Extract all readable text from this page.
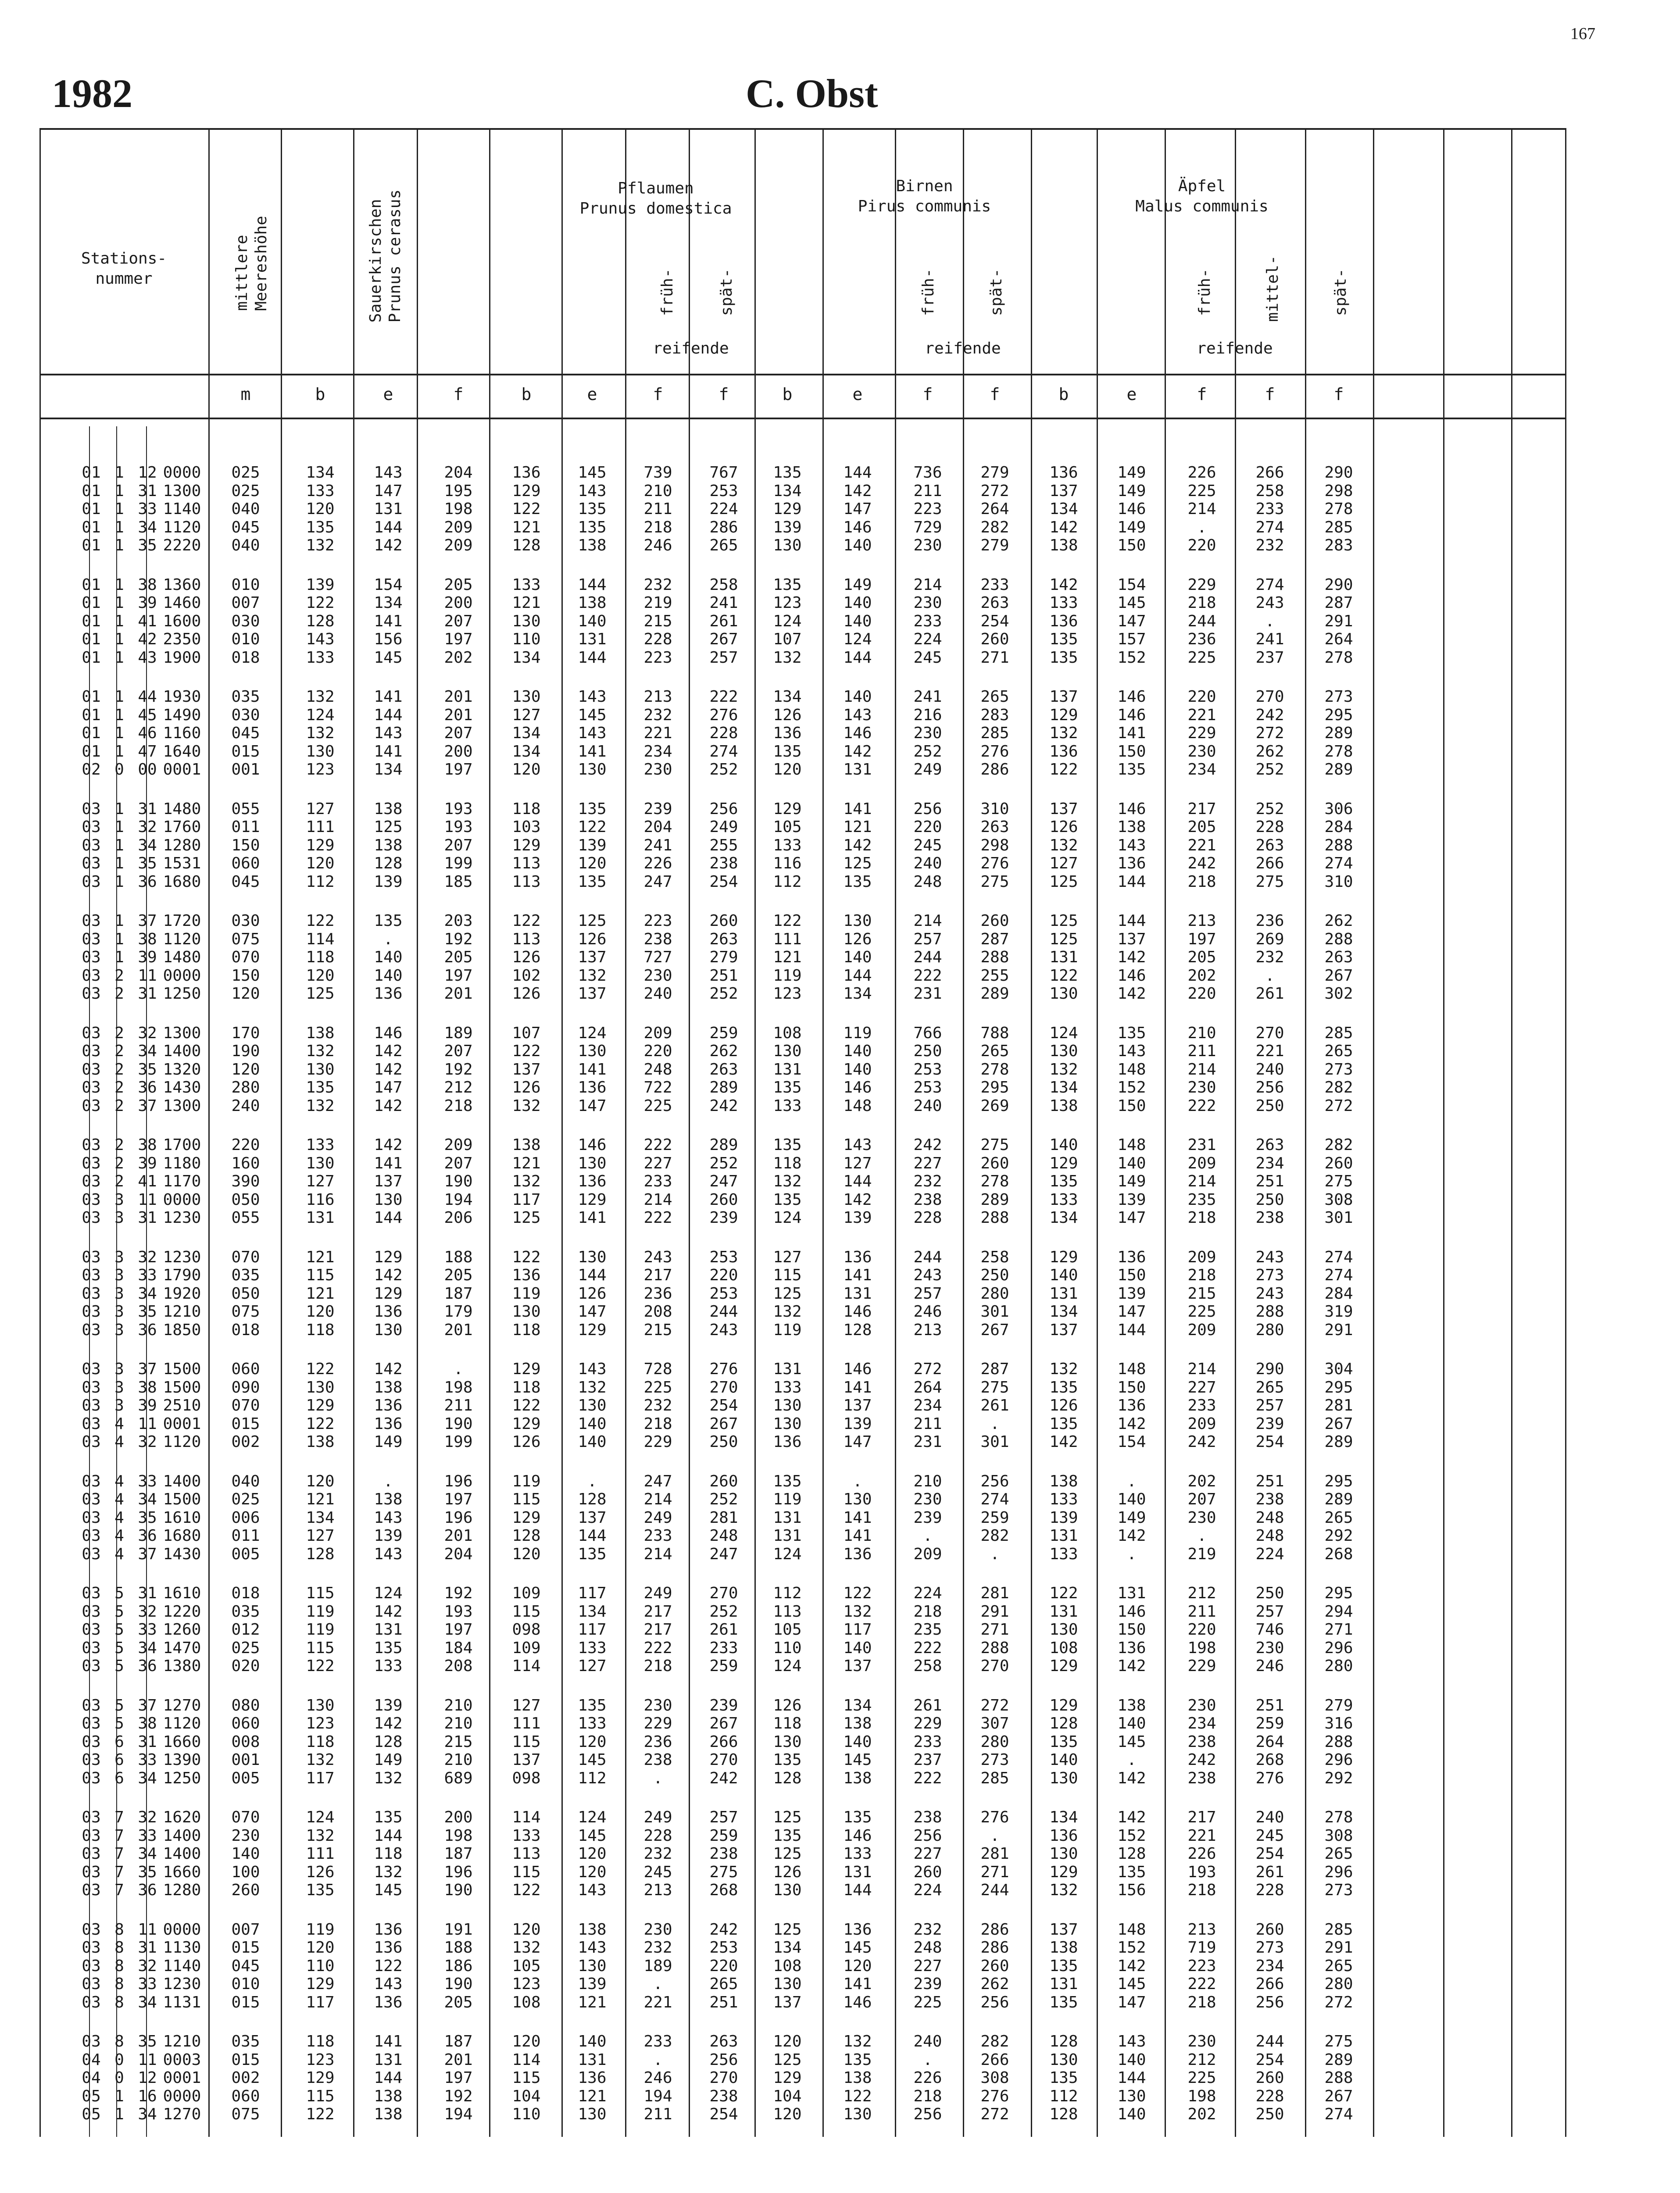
167
1982	C. Obst
Stations-
nummer	mittlere
Meereshöhe	Sauerkirschen
Prunus cerasus
Pflaumen
Prunus domestica
Birnen
Pirus communis
Äpfel
Malus communis
früh-	spät-	früh-	spät-	früh-	mittel-	spät-
reifende	reifende	reifende
m	b	e	f	b	e	f	f	b	e	f	f	b	e	f	f	f
01 1 12 0000	025	134	143	204	136	145	739	767	135	144	736	279	136	149	226	266	290
01 1 31 1300	025	133	147	195	129	143	210	253	134	142	211	272	137	149	225	258	298
01 1 33 1140	040	120	131	198	122	135	211	224	129	147	223	264	134	146	214	233	278
01 1 34 1120	045	135	144	209	121	135	218	286	139	146	729	282	142	149	.	274	285
01 1 35 2220	040	132	142	209	128	138	246	265	130	140	230	279	138	150	220	232	283
01 1 38 1360	010	139	154	205	133	144	232	258	135	149	214	233	142	154	229	274	290
01 1 39 1460	007	122	134	200	121	138	219	241	123	140	230	263	133	145	218	243	287
01 1 41 1600	030	128	141	207	130	140	215	261	124	140	233	254	136	147	244	.	291
01 1 42 2350	010	143	156	197	110	131	228	267	107	124	224	260	135	157	236	241	264
01 1 43 1900	018	133	145	202	134	144	223	257	132	144	245	271	135	152	225	237	278
01 1 44 1930	035	132	141	201	130	143	213	222	134	140	241	265	137	146	220	270	273
01 1 45 1490	030	124	144	201	127	145	232	276	126	143	216	283	129	146	221	242	295
01 1 46 1160	045	132	143	207	134	143	221	228	136	146	230	285	132	141	229	272	289
01 1 47 1640	015	130	141	200	134	141	234	274	135	142	252	276	136	150	230	262	278
02 0 00 0001	001	123	134	197	120	130	230	252	120	131	249	286	122	135	234	252	289
03 1 31 1480	055	127	138	193	118	135	239	256	129	141	256	310	137	146	217	252	306
03 1 32 1760	011	111	125	193	103	122	204	249	105	121	220	263	126	138	205	228	284
03 1 34 1280	150	129	138	207	129	139	241	255	133	142	245	298	132	143	221	263	288
03 1 35 1531	060	120	128	199	113	120	226	238	116	125	240	276	127	136	242	266	274
03 1 36 1680	045	112	139	185	113	135	247	254	112	135	248	275	125	144	218	275	310
03 1 37 1720	030	122	135	203	122	125	223	260	122	130	214	260	125	144	213	236	262
03 1 38 1120	075	114	.	192	113	126	238	263	111	126	257	287	125	137	197	269	288
03 1 39 1480	070	118	140	205	126	137	727	279	121	140	244	288	131	142	205	232	263
03 2 11 0000	150	120	140	197	102	132	230	251	119	144	222	255	122	146	202	.	267
03 2 31 1250	120	125	136	201	126	137	240	252	123	134	231	289	130	142	220	261	302
03 2 32 1300	170	138	146	189	107	124	209	259	108	119	766	788	124	135	210	270	285
03 2 34 1400	190	132	142	207	122	130	220	262	130	140	250	265	130	143	211	221	265
03 2 35 1320	120	130	142	192	137	141	248	263	131	140	253	278	132	148	214	240	273
03 2 36 1430	280	135	147	212	126	136	722	289	135	146	253	295	134	152	230	256	282
03 2 37 1300	240	132	142	218	132	147	225	242	133	148	240	269	138	150	222	250	272
03 2 38 1700	220	133	142	209	138	146	222	289	135	143	242	275	140	148	231	263	282
03 2 39 1180	160	130	141	207	121	130	227	252	118	127	227	260	129	140	209	234	260
03 2 41 1170	390	127	137	190	132	136	233	247	132	144	232	278	135	149	214	251	275
03 3 11 0000	050	116	130	194	117	129	214	260	135	142	238	289	133	139	235	250	308
03 3 31 1230	055	131	144	206	125	141	222	239	124	139	228	288	134	147	218	238	301
03 3 32 1230	070	121	129	188	122	130	243	253	127	136	244	258	129	136	209	243	274
03 3 33 1790	035	115	142	205	136	144	217	220	115	141	243	250	140	150	218	273	274
03 3 34 1920	050	121	129	187	119	126	236	253	125	131	257	280	131	139	215	243	284
03 3 35 1210	075	120	136	179	130	147	208	244	132	146	246	301	134	147	225	288	319
03 3 36 1850	018	118	130	201	118	129	215	243	119	128	213	267	137	144	209	280	291
03 3 37 1500	060	122	142	.	129	143	728	276	131	146	272	287	132	148	214	290	304
03 3 38 1500	090	130	138	198	118	132	225	270	133	141	264	275	135	150	227	265	295
03 3 39 2510	070	129	136	211	122	130	232	254	130	137	234	261	126	136	233	257	281
03 4 11 0001	015	122	136	190	129	140	218	267	130	139	211	.	135	142	209	239	267
03 4 32 1120	002	138	149	199	126	140	229	250	136	147	231	301	142	154	242	254	289
03 4 33 1400	040	120	.	196	119	.	247	260	135	.	210	256	138	.	202	251	295
03 4 34 1500	025	121	138	197	115	128	214	252	119	130	230	274	133	140	207	238	289
03 4 35 1610	006	134	143	196	129	137	249	281	131	141	239	259	139	149	230	248	265
03 4 36 1680	011	127	139	201	128	144	233	248	131	141	.	282	131	142	.	248	292
03 4 37 1430	005	128	143	204	120	135	214	247	124	136	209	.	133	.	219	224	268
03 5 31 1610	018	115	124	192	109	117	249	270	112	122	224	281	122	131	212	250	295
03 5 32 1220	035	119	142	193	115	134	217	252	113	132	218	291	131	146	211	257	294
03 5 33 1260	012	119	131	197	098	117	217	261	105	117	235	271	130	150	220	746	271
03 5 34 1470	025	115	135	184	109	133	222	233	110	140	222	288	108	136	198	230	296
03 5 36 1380	020	122	133	208	114	127	218	259	124	137	258	270	129	142	229	246	280
03 5 37 1270	080	130	139	210	127	135	230	239	126	134	261	272	129	138	230	251	279
03 5 38 1120	060	123	142	210	111	133	229	267	118	138	229	307	128	140	234	259	316
03 6 31 1660	008	118	128	215	115	120	236	266	130	140	233	280	135	145	238	264	288
03 6 33 1390	001	132	149	210	137	145	238	270	135	145	237	273	140	.	242	268	296
03 6 34 1250	005	117	132	689	098	112	.	242	128	138	222	285	130	142	238	276	292
03 7 32 1620	070	124	135	200	114	124	249	257	125	135	238	276	134	142	217	240	278
03 7 33 1400	230	132	144	198	133	145	228	259	135	146	256	.	136	152	221	245	308
03 7 34 1400	140	111	118	187	113	120	232	238	125	133	227	281	130	128	226	254	265
03 7 35 1660	100	126	132	196	115	120	245	275	126	131	260	271	129	135	193	261	296
03 7 36 1280	260	135	145	190	122	143	213	268	130	144	224	244	132	156	218	228	273
03 8 11 0000	007	119	136	191	120	138	230	242	125	136	232	286	137	148	213	260	285
03 8 31 1130	015	120	136	188	132	143	232	253	134	145	248	286	138	152	719	273	291
03 8 32 1140	045	110	122	186	105	130	189	220	108	120	227	260	135	142	223	234	265
03 8 33 1230	010	129	143	190	123	139	.	265	130	141	239	262	131	145	222	266	280
03 8 34 1131	015	117	136	205	108	121	221	251	137	146	225	256	135	147	218	256	272
03 8 35 1210	035	118	141	187	120	140	233	263	120	132	240	282	128	143	230	244	275
04 0 11 0003	015	123	131	201	114	131	.	256	125	135	.	266	130	140	212	254	289
04 0 12 0001	002	129	144	197	115	136	246	270	129	138	226	308	135	144	225	260	288
05 1 16 0000	060	115	138	192	104	121	194	238	104	122	218	276	112	130	198	228	267
05 1 34 1270	075	122	138	194	110	130	211	254	120	130	256	272	128	140	202	250	274
